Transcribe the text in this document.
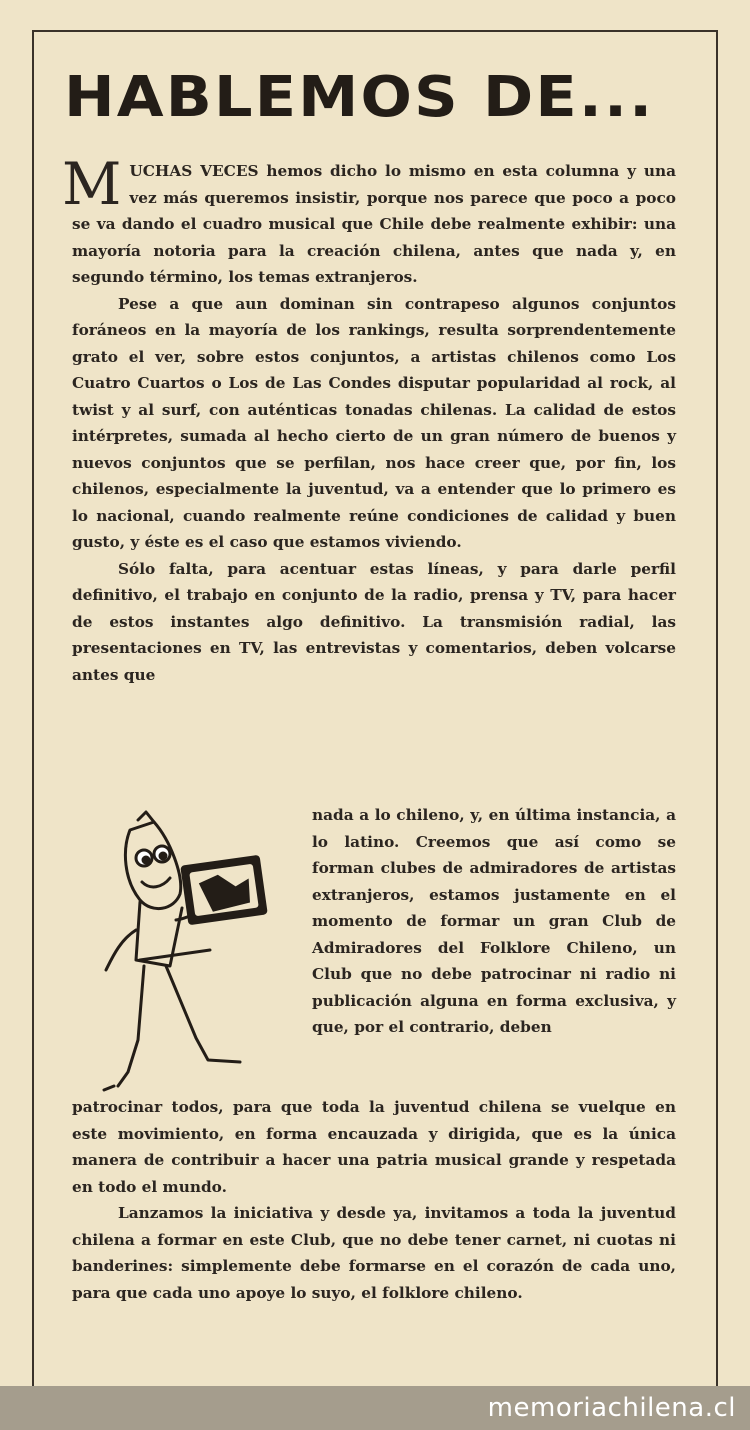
HABLEMOS DE...

M UCHAS VECES hemos dicho lo mismo en esta columna y una vez más queremos insistir, porque nos parece que poco a poco se va dando el cuadro musical que Chile debe realmente exhibir: una mayoría notoria para la creación chilena, antes que nada y, en segundo término, los temas extranjeros.

Pese a que aun dominan sin contrapeso algunos conjuntos foráneos en la mayoría de los rankings, resulta sorprendentemente grato el ver, sobre estos conjuntos, a artistas chilenos como Los Cuatro Cuartos o Los de Las Condes disputar popularidad al rock, al twist y al surf, con auténticas tonadas chilenas. La calidad de estos intérpretes, sumada al hecho cierto de un gran número de buenos y nuevos conjuntos que se perfilan, nos hace creer que, por fin, los chilenos, especialmente la juventud, va a entender que lo primero es lo nacional, cuando realmente reúne condiciones de calidad y buen gusto, y éste es el caso que estamos viviendo.

Sólo falta, para acentuar estas líneas, y para darle perfil definitivo, el trabajo en conjunto de la radio, prensa y TV, para hacer de estos instantes algo definitivo. La transmisión radial, las presentaciones en TV, las entrevistas y comentarios, deben volcarse antes que

nada a lo chileno, y, en última instancia, a lo latino. Creemos que así como se forman clubes de admiradores de artistas extranjeros, estamos justamente en el momento de formar un gran Club de Admiradores del Folklore Chileno, un Club que no debe patrocinar ni radio ni publicación alguna en forma exclusiva, y que, por el contrario, deben

patrocinar todos, para que toda la juventud chilena se vuelque en este movimiento, en forma encauzada y dirigida, que es la única manera de contribuir a hacer una patria musical grande y respetada en todo el mundo.

Lanzamos la iniciativa y desde ya, invitamos a toda la juventud chilena a formar en este Club, que no debe tener carnet, ni cuotas ni banderines: simplemente debe formarse en el corazón de cada uno, para que cada uno apoye lo suyo, el folklore chileno.

memoriachilena.cl
